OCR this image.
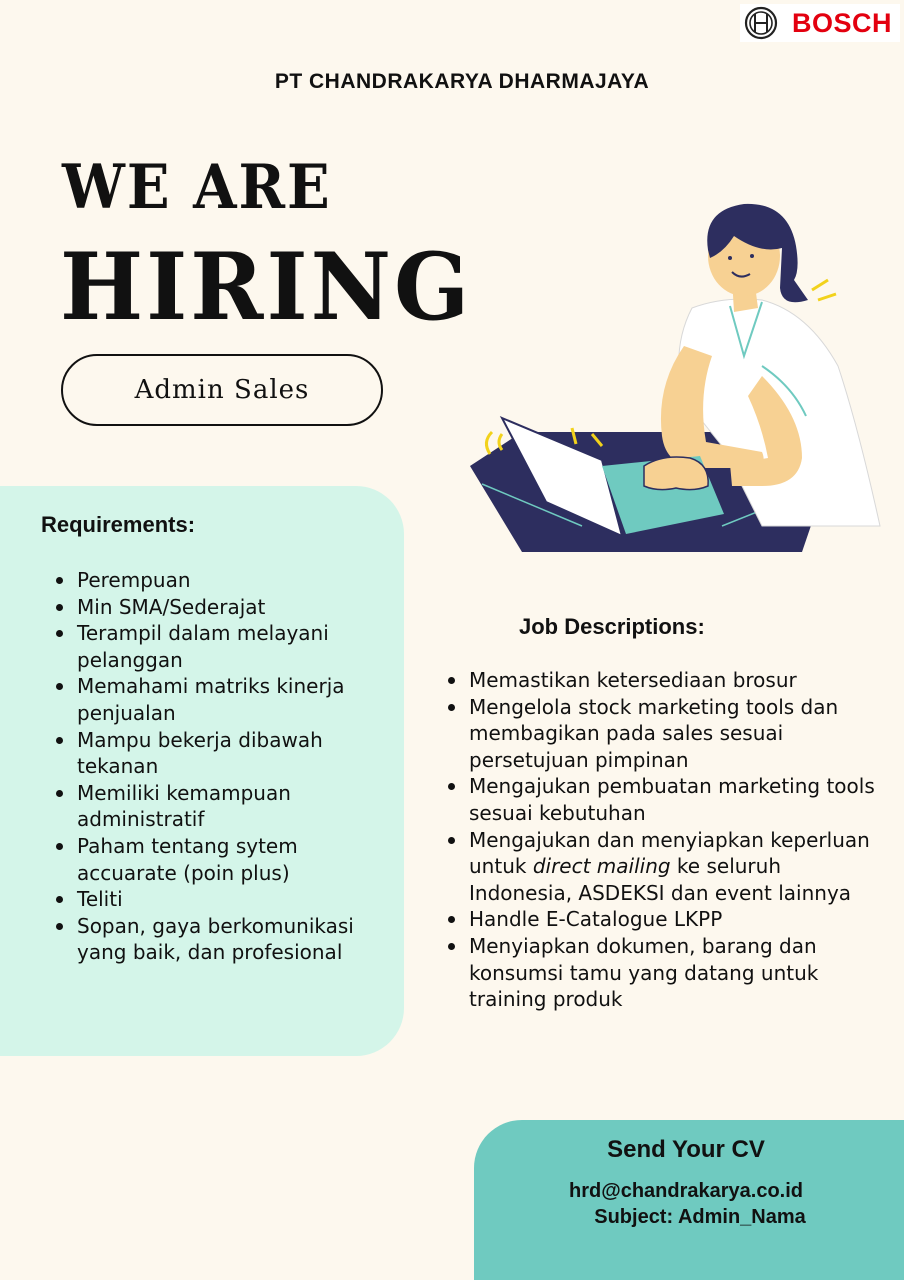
BOSCH
PT CHANDRAKARYA DHARMAJAYA
WE ARE
HIRING
Admin Sales
Requirements:
Perempuan
Min SMA/Sederajat
Terampil dalam melayani pelanggan
Memahami matriks kinerja penjualan
Mampu bekerja dibawah tekanan
Memiliki kemampuan administratif
Paham tentang sytem accuarate (poin plus)
Teliti
Sopan, gaya berkomunikasi yang baik, dan profesional
Job Descriptions:
Memastikan ketersediaan brosur
Mengelola stock marketing tools dan membagikan pada sales sesuai persetujuan pimpinan
Mengajukan pembuatan marketing tools sesuai kebutuhan
Mengajukan dan menyiapkan keperluan untuk direct mailing ke seluruh Indonesia, ASDEKSI dan event lainnya
Handle E-Catalogue LKPP
Menyiapkan dokumen, barang dan konsumsi tamu yang datang untuk training produk
Send Your CV
hrd@chandrakarya.co.id
Subject: Admin_Nama
